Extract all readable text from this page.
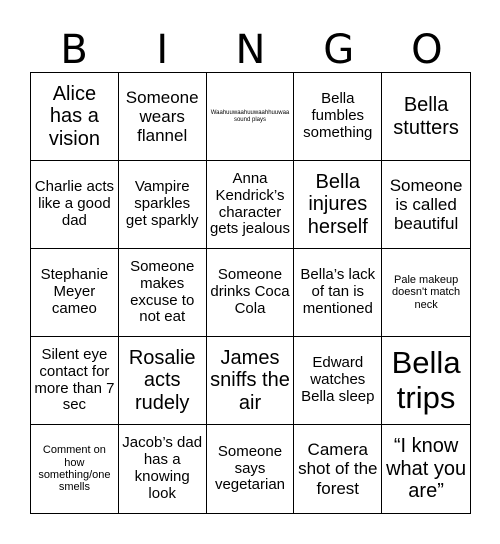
B	I	N	G	O
Alice has a vision
Someone wears flannel
Waahuuwaahuuwaahhuuwaa sound plays
Bella fumbles something
Bella stutters
Charlie acts like a good dad
Vampire sparkles get sparkly
Anna Kendrick’s character gets jealous
Bella injures herself
Someone is called beautiful
Stephanie Meyer cameo
Someone makes excuse to not eat
Someone drinks Coca Cola
Bella’s lack of tan is mentioned
Pale makeup doesn't match neck
Silent eye contact for more than 7 sec
Rosalie acts rudely
James sniffs the air
Edward watches Bella sleep
Bella trips
Comment on how something/one smells
Jacob’s dad has a knowing look
Someone says vegetarian
Camera shot of the forest
“I know what you are”
